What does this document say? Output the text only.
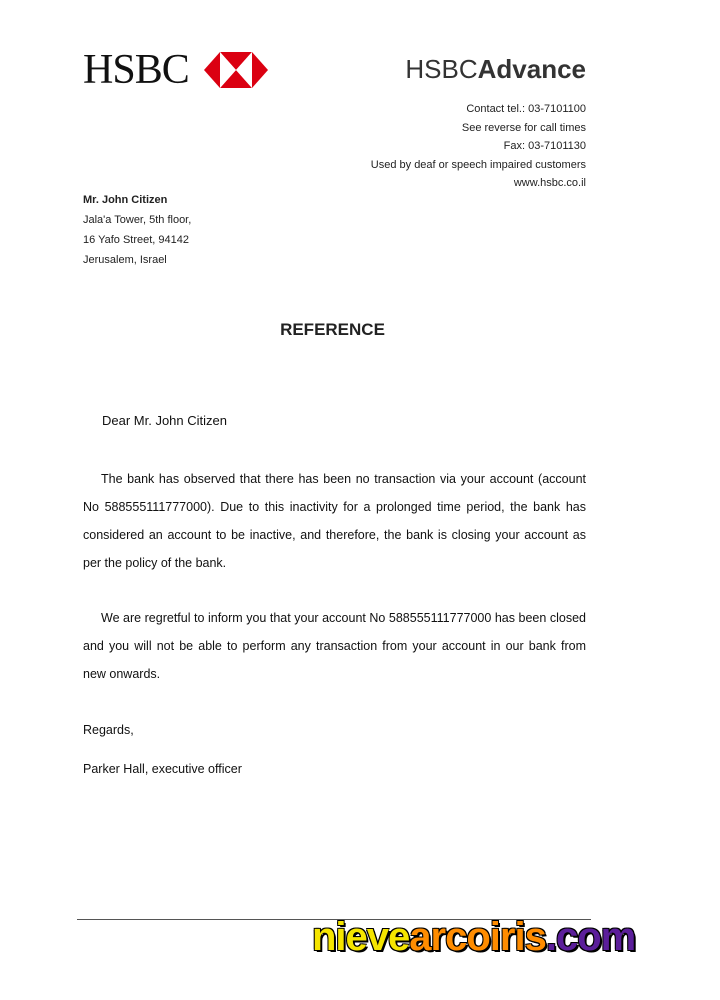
HSBC	HSBCAdvance
Contact tel.: 03-7101100
See reverse for call times
Fax: 03-7101130
Used by deaf or speech impaired customers
www.hsbc.co.il
Mr. John Citizen
Jala'a Tower, 5th floor,
16 Yafo Street, 94142
Jerusalem, Israel
REFERENCE
Dear Mr. John Citizen
The bank has observed that there has been no transaction via your account (account No 588555111777000). Due to this inactivity for a prolonged time period, the bank has considered an account to be inactive, and therefore, the bank is closing your account as per the policy of the bank.
We are regretful to inform you that your account No 588555111777000 has been closed and you will not be able to perform any transaction from your account in our bank from new onwards.
Regards,
Parker Hall, executive officer
nievearcoiris.com
